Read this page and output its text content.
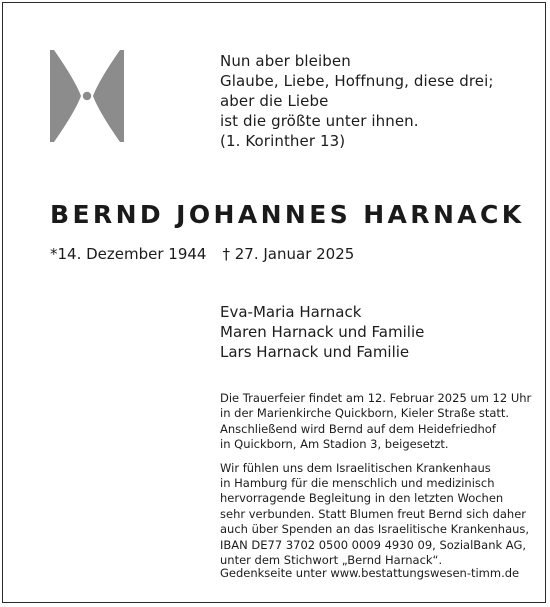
Nun aber bleiben
Glaube, Liebe, Hoffnung, diese drei;
aber die Liebe
ist die größte unter ihnen.
(1. Korinther 13)
BERND JOHANNES HARNACK
*14. Dezember 1944 † 27. Januar 2025
Eva-Maria Harnack
Maren Harnack und Familie
Lars Harnack und Familie
Die Trauerfeier findet am 12. Februar 2025 um 12 Uhr
in der Marienkirche Quickborn, Kieler Straße statt.
Anschließend wird Bernd auf dem Heidefriedhof
in Quickborn, Am Stadion 3, beigesetzt.
Wir fühlen uns dem Israelitischen Krankenhaus
in Hamburg für die menschlich und medizinisch
hervorragende Begleitung in den letzten Wochen
sehr verbunden. Statt Blumen freut Bernd sich daher
auch über Spenden an das Israelitische Krankenhaus,
IBAN DE77 3702 0500 0009 4930 09, SozialBank AG,
unter dem Stichwort „Bernd Harnack“.
Gedenkseite unter www.bestattungswesen-timm.de
